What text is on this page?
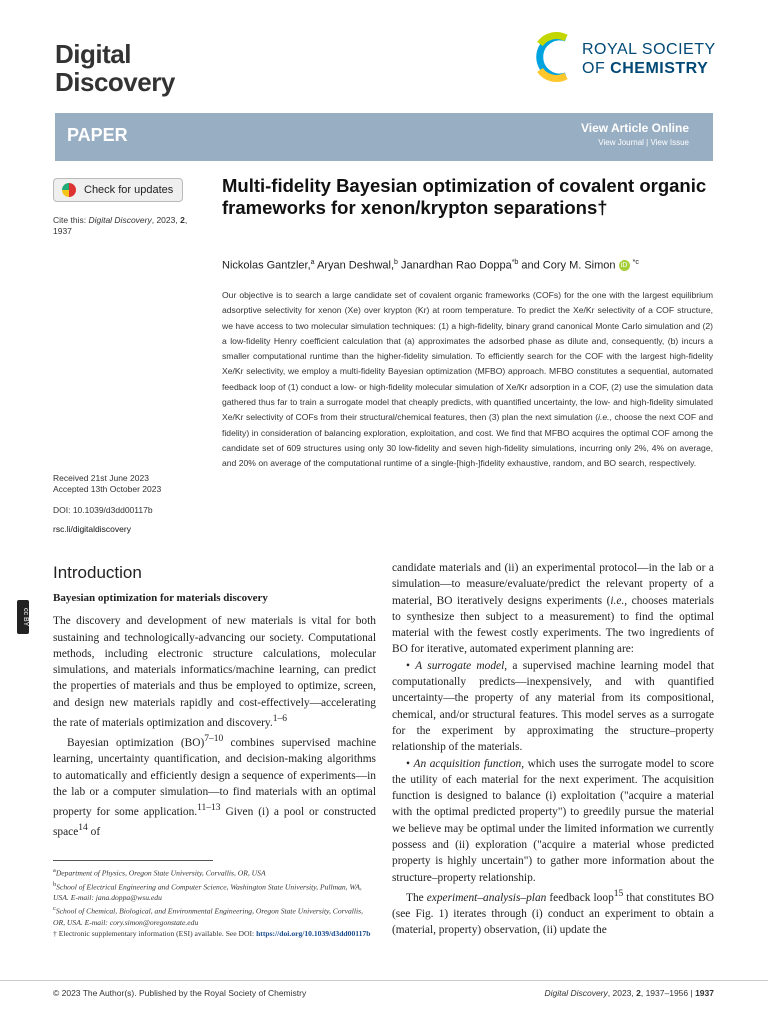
Digital
Discovery
ROYAL SOCIETY
OF CHEMISTRY
PAPER	View Article Online
View Journal | View Issue
Check for updates
Cite this: Digital Discovery, 2023, 2, 1937
Multi-fidelity Bayesian optimization of covalent organic frameworks for xenon/krypton separations†
Nickolas Gantzler,$^a$ Aryan Deshwal,$^b$ Janardhan Rao Doppa$^{*b}$ and Cory M. Simon iD $^{*c}$
Our objective is to search a large candidate set of covalent organic frameworks (COFs) for the one with the largest equilibrium adsorptive selectivity for xenon (Xe) over krypton (Kr) at room temperature. To predict the Xe/Kr selectivity of a COF structure, we have access to two molecular simulation techniques: (1) a high-fidelity, binary grand canonical Monte Carlo simulation and (2) a low-fidelity Henry coefficient calculation that (a) approximates the adsorbed phase as dilute and, consequently, (b) incurs a smaller computational runtime than the higher-fidelity simulation. To efficiently search for the COF with the largest high-fidelity Xe/Kr selectivity, we employ a multi-fidelity Bayesian optimization (MFBO) approach. MFBO constitutes a sequential, automated feedback loop of (1) conduct a low- or high-fidelity molecular simulation of Xe/Kr adsorption in a COF, (2) use the simulation data gathered thus far to train a surrogate model that cheaply predicts, with quantified uncertainty, the low- and high-fidelity simulated Xe/Kr selectivity of COFs from their structural/chemical features, then (3) plan the next simulation (i.e., choose the next COF and fidelity) in consideration of balancing exploration, exploitation, and cost. We find that MFBO acquires the optimal COF among the candidate set of 609 structures using only 30 low-fidelity and seven high-fidelity simulations, incurring only 2%, 4% on average, and 20% on average of the computational runtime of a single-[high-]fidelity exhaustive, random, and BO search, respectively.
Received 21st June 2023
Accepted 13th October 2023
DOI: 10.1039/d3dd00117b
rsc.li/digitaldiscovery
cc BY
Introduction

Bayesian optimization for materials discovery

The discovery and development of new materials is vital for both sustaining and technologically-advancing our society. Computational methods, including electronic structure calculations, molecular simulations, and materials informatics/machine learning, can predict the properties of materials and thus be employed to optimize, screen, and design new materials rapidly and cost-effectively—accelerating the rate of materials optimization and discovery.$^{1-6}$

Bayesian optimization (BO)$^{7-10}$ combines supervised machine learning, uncertainty quantification, and decision-making algorithms to automatically and efficiently design a sequence of experiments—in the lab or a computer simulation—to find materials with an optimal property for some application.$^{11-13}$ Given (i) a pool or constructed space$^{14}$ of

$^a$Department of Physics, Oregon State University, Corvallis, OR, USA
$^b$School of Electrical Engineering and Computer Science, Washington State University, Pullman, WA, USA. E-mail: jana.doppa@wsu.edu
$^c$School of Chemical, Biological, and Environmental Engineering, Oregon State University, Corvallis, OR, USA. E-mail: cory.simon@oregonstate.edu
† Electronic supplementary information (ESI) available. See DOI: https://doi.org/10.1039/d3dd00117b

candidate materials and (ii) an experimental protocol—in the lab or a simulation—to measure/evaluate/predict the relevant property of a material, BO iteratively designs experiments (i.e., chooses materials to synthesize then subject to a measurement) to find the optimal material with the fewest costly experiments. The two ingredients of BO for iterative, automated experiment planning are:

• A surrogate model, a supervised machine learning model that computationally predicts—inexpensively, and with quantified uncertainty—the property of any material from its compositional, chemical, and/or structural features. This model serves as a surrogate for the experiment by approximating the structure–property relationship of the materials.

• An acquisition function, which uses the surrogate model to score the utility of each material for the next experiment. The acquisition function is designed to balance (i) exploitation ("acquire a material with the optimal predicted property") to greedily pursue the material we believe may be optimal under the limited information we currently possess and (ii) exploration ("acquire a material whose predicted property is highly uncertain") to gather more information about the structure–property relationship.

The experiment–analysis–plan feedback loop$^{15}$ that constitutes BO (see Fig. 1) iterates through (i) conduct an experiment to obtain a (material, property) observation, (ii) update the

© 2023 The Author(s). Published by the Royal Society of Chemistry	Digital Discovery, 2023, 2, 1937–1956 | 1937
